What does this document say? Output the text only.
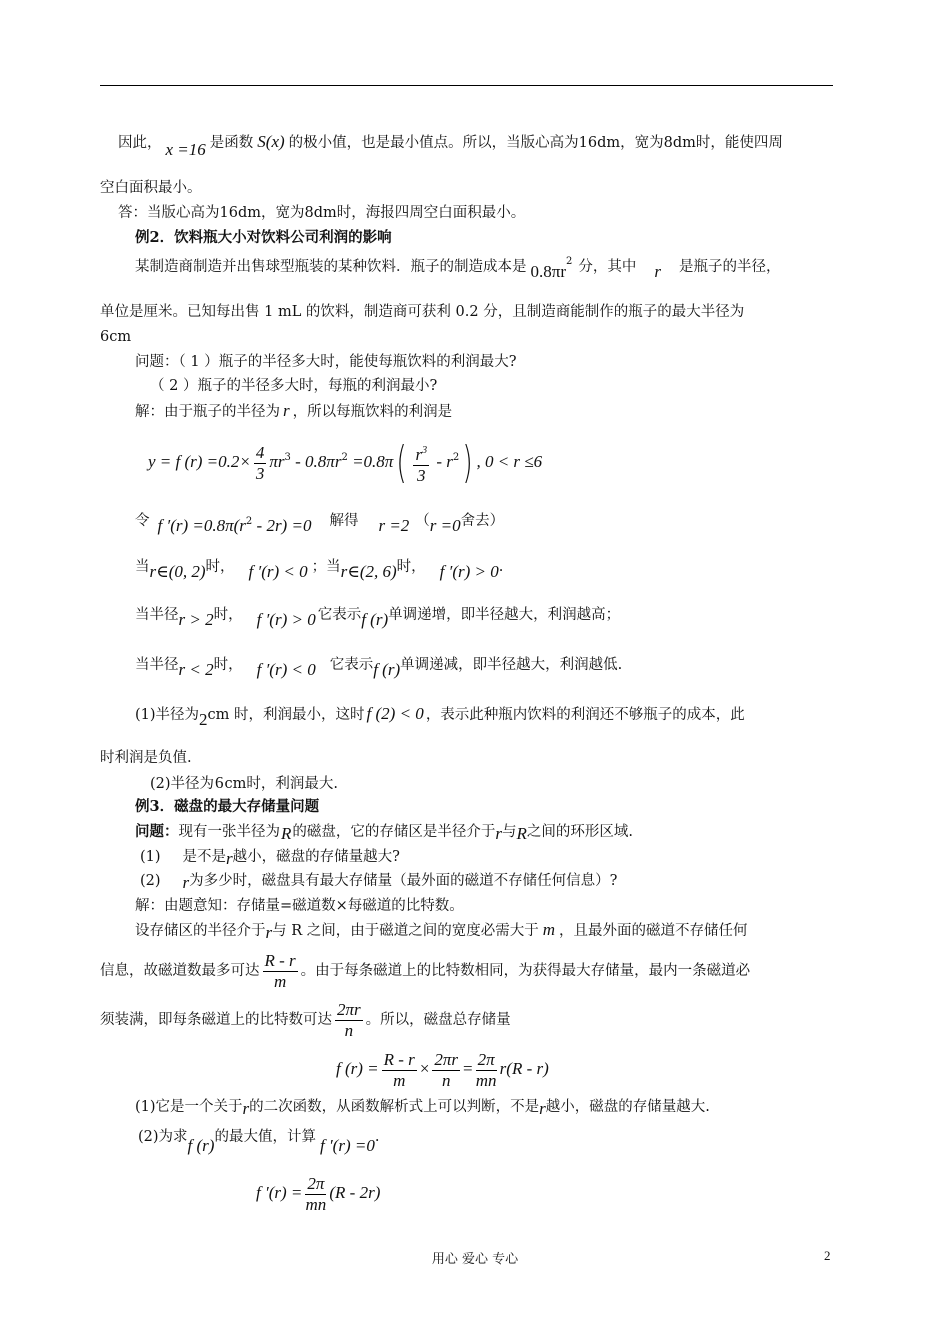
因此， x =16 是函数 S(x) 的极小值，也是最小值点。所以，当版心高为16dm，宽为8dm时，能使四周
空白面积最小。
答：当版心高为16dm，宽为8dm时，海报四周空白面积最小。
例2．饮料瓶大小对饮料公司利润的影响
某制造商制造并出售球型瓶装的某种饮料．瓶子的制造成本是 $0.8\pi r^2$ 分，其中 r 是瓶子的半径，
单位是厘米。已知每出售 1 mL 的饮料，制造商可获利 0.2 分，且制造商能制作的瓶子的最大半径为
6cm
问题：（ 1 ）瓶子的半径多大时，能使每瓶饮料的利润最大?
（ 2 ）瓶子的半径多大时，每瓶的利润最小?
解：由于瓶子的半径为 r ，所以每瓶饮料的利润是
y = f $(r) =0.2\times \frac{4}{3} \pi r^3 - 0.8\pi r^2 =0.8\pi( \frac{r^3}{3} - r^2)$ , 0 < r ≤6
令 f $'(r) =0.8\pi(r^2 - 2r) =0$ 解得 r =2 （r =0舍去）
当r∈(0, 2)时， f ′(r) < 0 ；当r∈(2, 6)时， f ′(r) > 0.
当半径r > 2时， f ′(r) > 0 它表示f (r)单调递增，即半径越大，利润越高；
当半径r < 2时， f ′(r) < 0 它表示f (r)单调递减，即半径越大，利润越低.
(1)半径为2cm 时，利润最小，这时 f (2) < 0 ，表示此种瓶内饮料的利润还不够瓶子的成本，此
时利润是负值.
(2)半径为6cm时，利润最大.
例3．磁盘的最大存储量问题
问题：现有一张半径为R的磁盘，它的存储区是半径介于r与R之间的环形区域.
(1) 是不是r越小，磁盘的存储量越大?
(2) r为多少时，磁盘具有最大存储量（最外面的磁道不存储任何信息）?
解：由题意知：存储量=磁道数×每磁道的比特数。
设存储区的半径介于r与 R 之间，由于磁道之间的宽度必需大于 m ，且最外面的磁道不存储任何
信息，故磁道数最多可达 $\frac{R - r}{m}$ 。由于每条磁道上的比特数相同，为获得最大存储量，最内一条磁道必
须装满，即每条磁道上的比特数可达 $\frac{2\pi r}{n}$ 。所以，磁盘总存储量
f $(r) = \frac{R - r}{m} \times \frac{2\pi r}{n} = \frac{2\pi}{mn} r(R - r)$
(1)它是一个关于r的二次函数，从函数解析式上可以判断，不是r越小，磁盘的存储量越大.
(2)为求f (r)的最大值，计算 f ′(r) =0.
f $'(r) = \frac{2\pi}{mn} (R - 2r)$
用心 爱心 专心	2
